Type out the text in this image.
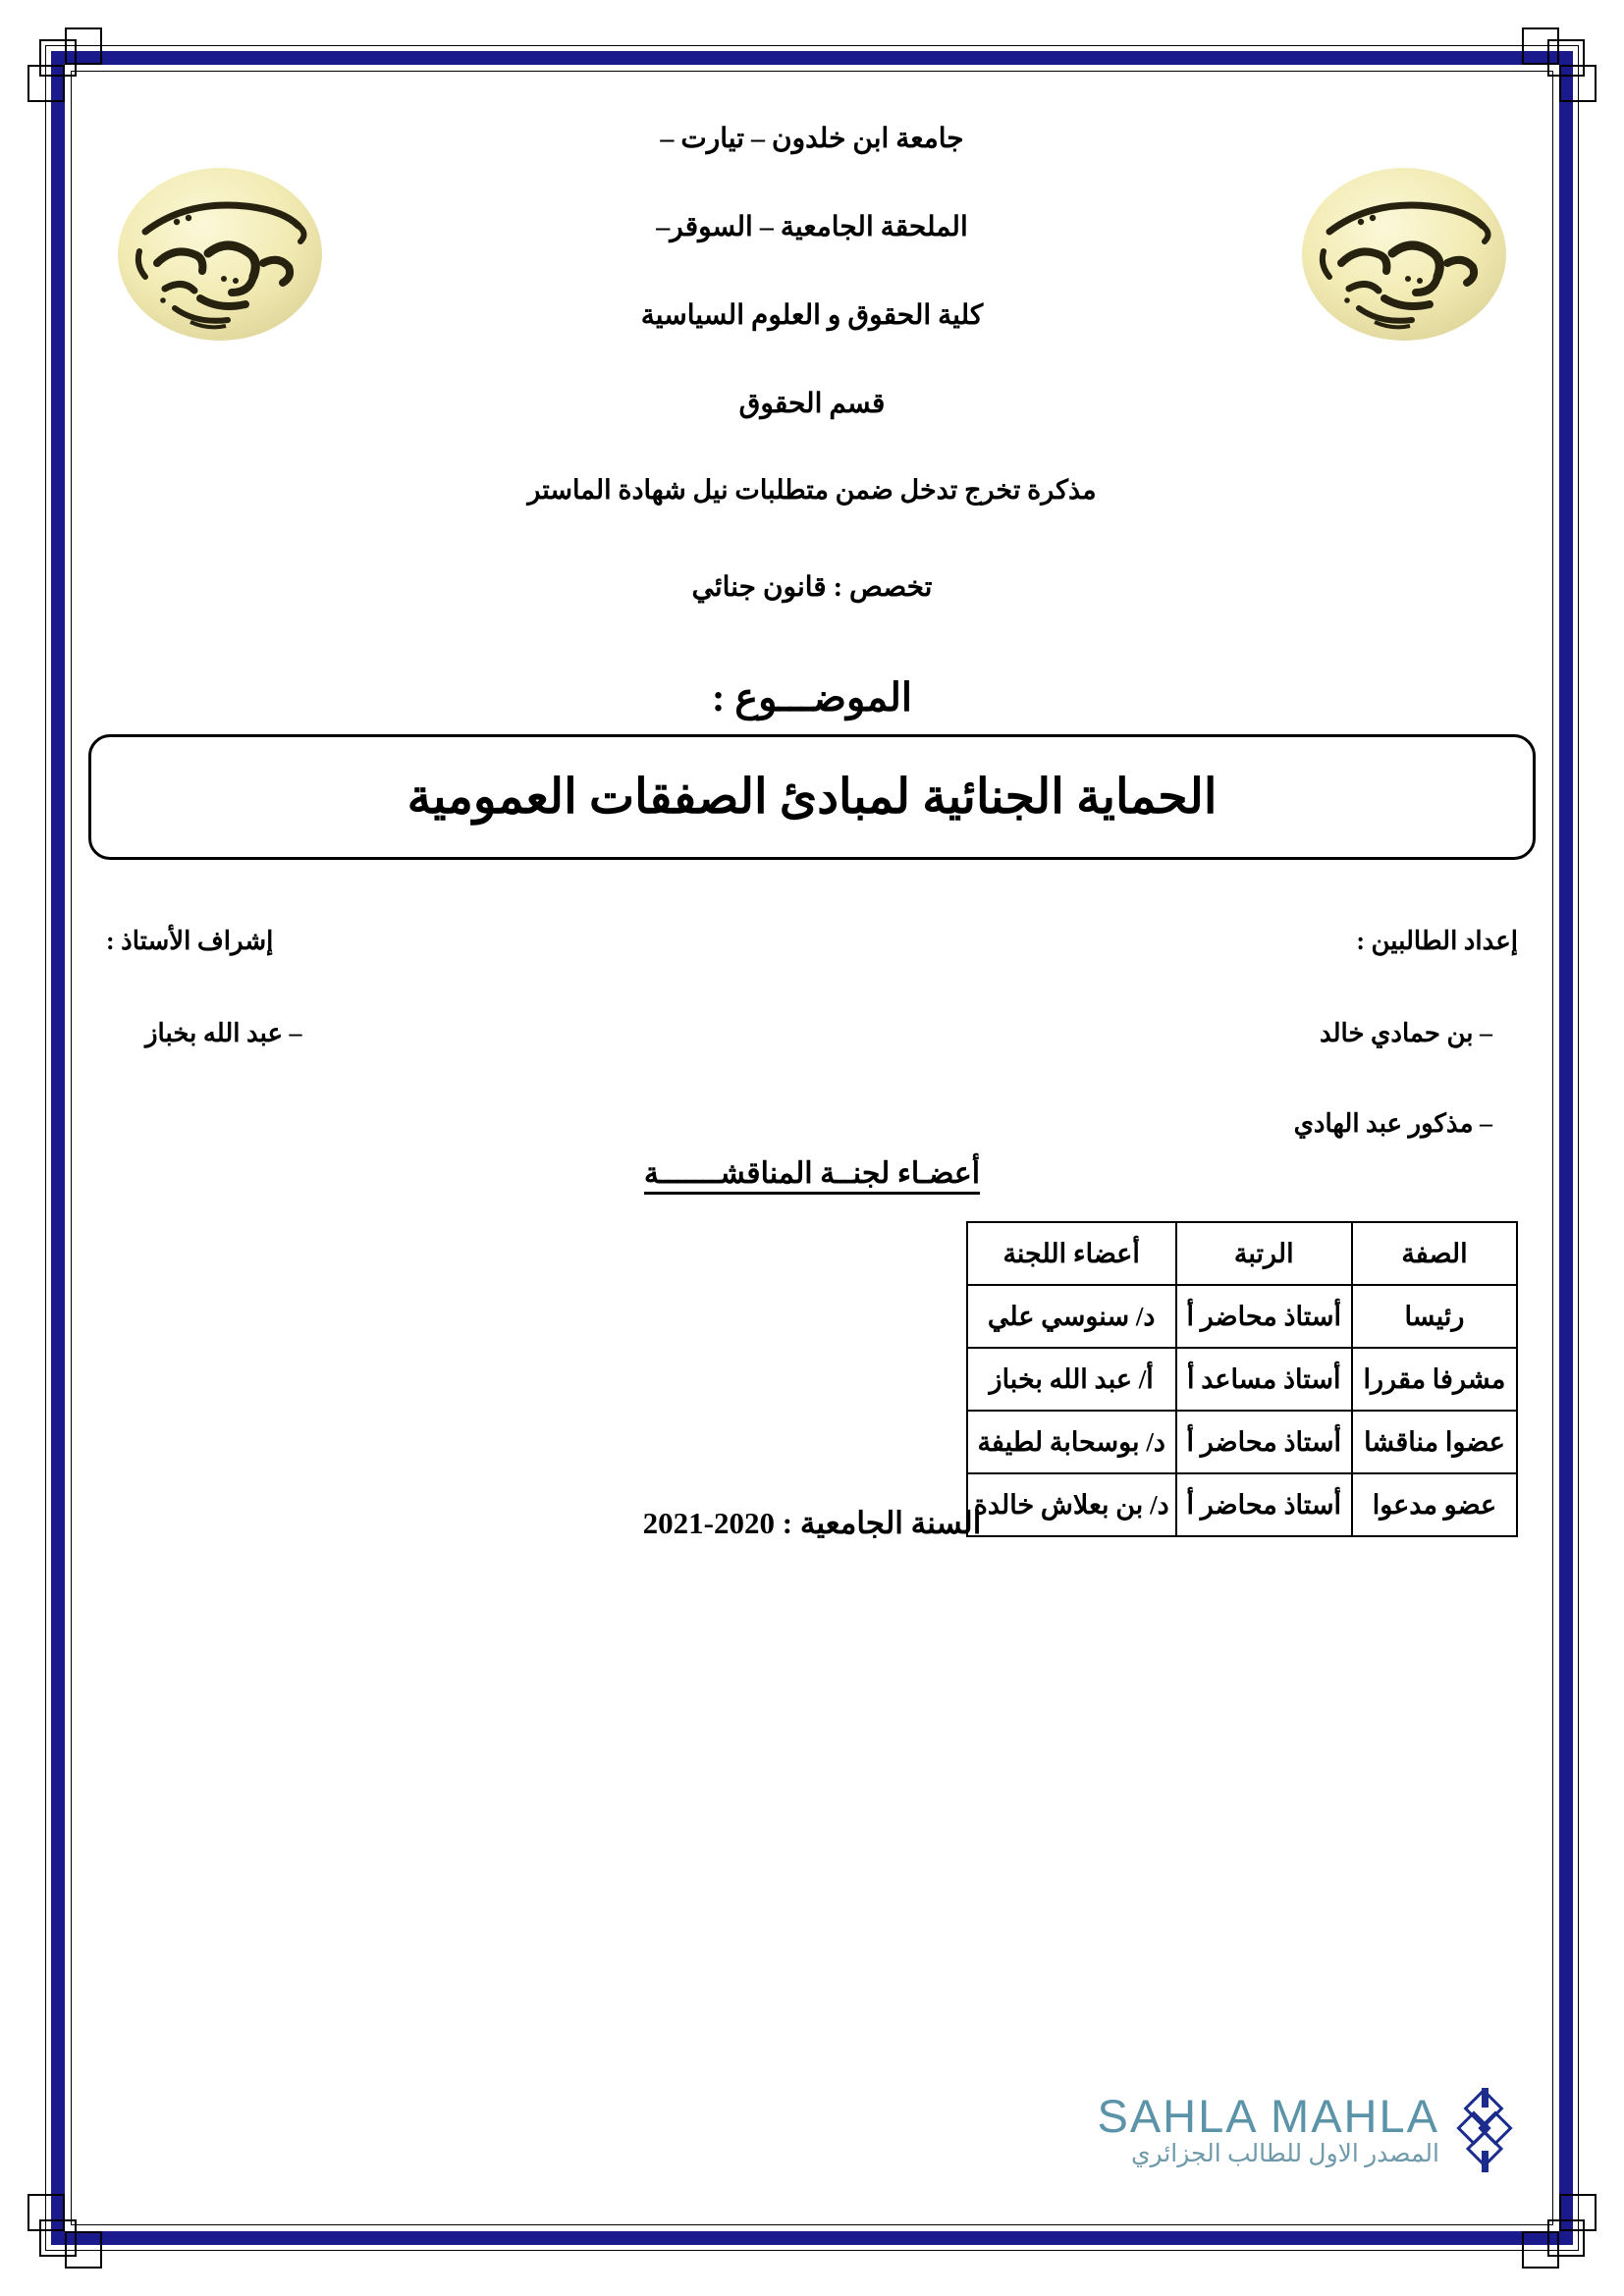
جامعة ابن خلدون – تيارت –

الملحقة الجامعية – السوقر–

كلية الحقوق و العلوم السياسية

قسم الحقوق

مذكرة تخرج تدخل ضمن متطلبات نيل شهادة الماستر

تخصص : قانون جنائي

الموضـــوع :

الحماية الجنائية لمبادئ الصفقات العمومية

إعداد الطالبين :

– بن حمادي خالد

– مذكور عبد الهادي

إشراف الأستاذ :

– عبد الله بخباز

أعضـاء لجنــة المناقشـــــــة
الصفة	الرتبة	أعضاء اللجنة
رئيسا	أستاذ محاضر أ	د/ سنوسي علي
مشرفا مقررا	أستاذ مساعد أ	أ/ عبد الله بخباز
عضوا مناقشا	أستاذ محاضر أ	د/ بوسحابة لطيفة
عضو مدعوا	أستاذ محاضر أ	د/ بن بعلاش خالدة
السنة الجامعية : 2021-2020
SAHLA MAHLA
المصدر الاول للطالب الجزائري
